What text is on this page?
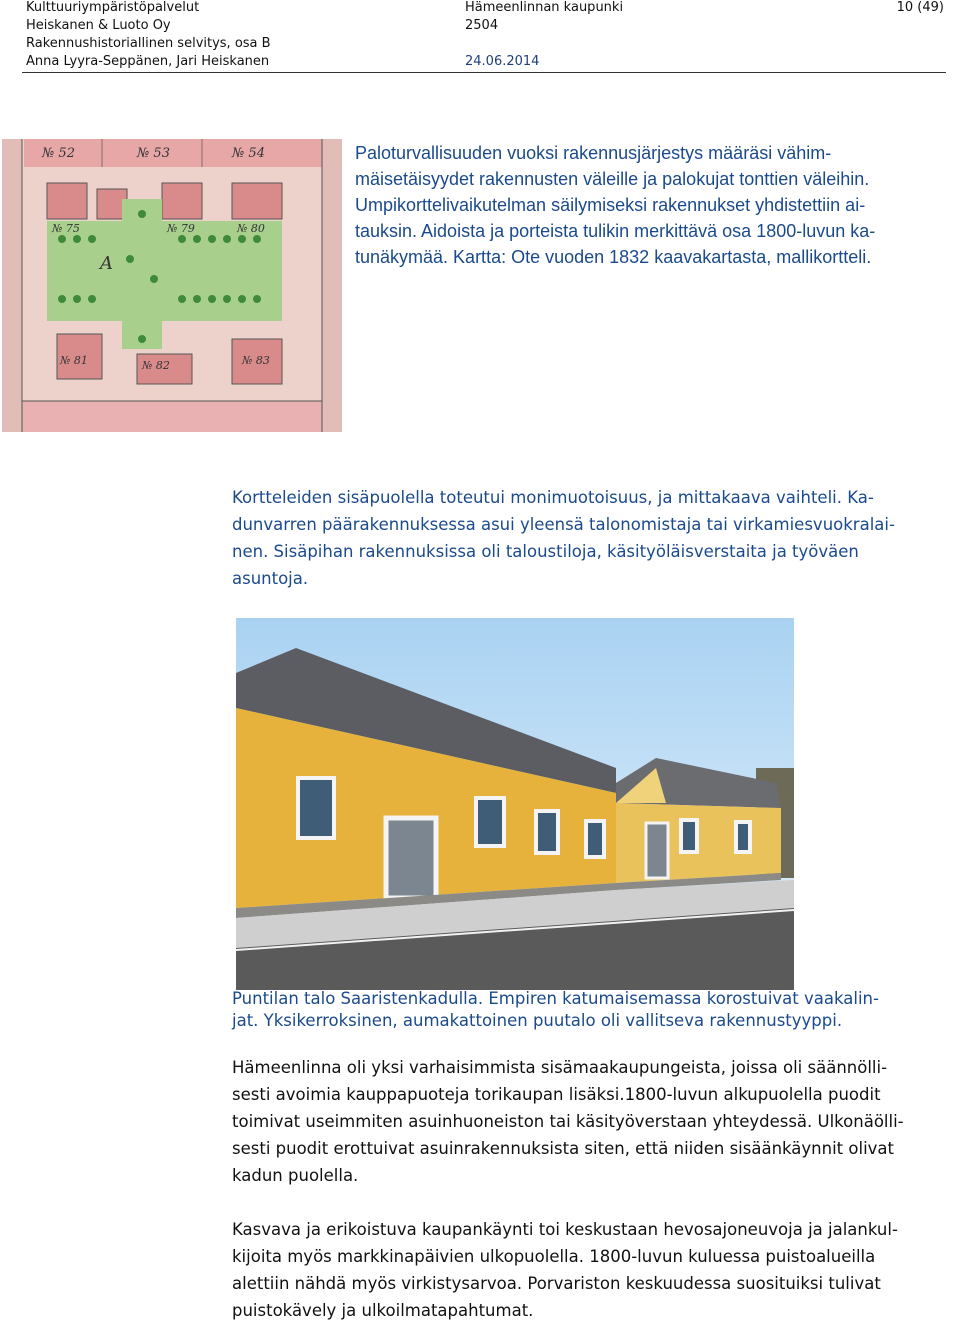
Kulttuuriympäristöpalvelut
Heiskanen & Luoto Oy
Rakennushistoriallinen selvitys, osa B
Anna Lyyra-Seppänen, Jari Heiskanen
Hämeenlinnan kaupunki
2504

24.06.2014
10 (49)
№ 52	№ 53	№ 54
№ 75	№ 79	№ 80
№ 81	№ 82	№ 83
A
Paloturvallisuuden vuoksi rakennusjärjestys määräsi vähim-
mäisetäisyydet rakennusten väleille ja palokujat tonttien väleihin.
Umpikorttelivaikutelman säilymiseksi rakennukset yhdistettiin ai-
tauksin. Aidoista ja porteista tulikin merkittävä osa 1800-luvun ka-
tunäkymää. Kartta: Ote vuoden 1832 kaavakartasta, mallikortteli.
Kortteleiden sisäpuolella toteutui monimuotoisuus, ja mittakaava vaihteli. Ka-
dunvarren päärakennuksessa asui yleensä talonomistaja tai virkamiesvuokralai-
nen. Sisäpihan rakennuksissa oli taloustiloja, käsityöläisverstaita ja työväen
asuntoja.
Puntilan talo Saaristenkadulla. Empiren katumaisemassa korostuivat vaakalin-
jat. Yksikerroksinen, aumakattoinen puutalo oli vallitseva rakennustyyppi.
Hämeenlinna oli yksi varhaisimmista sisämaakaupungeista, joissa oli säännölli-
sesti avoimia kauppapuoteja torikaupan lisäksi.1800-luvun alkupuolella puodit
toimivat useimmiten asuinhuoneiston tai käsityöverstaan yhteydessä. Ulkonäölli-
sesti puodit erottuivat asuinrakennuksista siten, että niiden sisäänkäynnit olivat
kadun puolella.
Kasvava ja erikoistuva kaupankäynti toi keskustaan hevosajoneuvoja ja jalankul-
kijoita myös markkinapäivien ulkopuolella. 1800-luvun kuluessa puistoalueilla
alettiin nähdä myös virkistysarvoa. Porvariston keskuudessa suosituiksi tulivat
puistokävely ja ulkoilmatapahtumat.
